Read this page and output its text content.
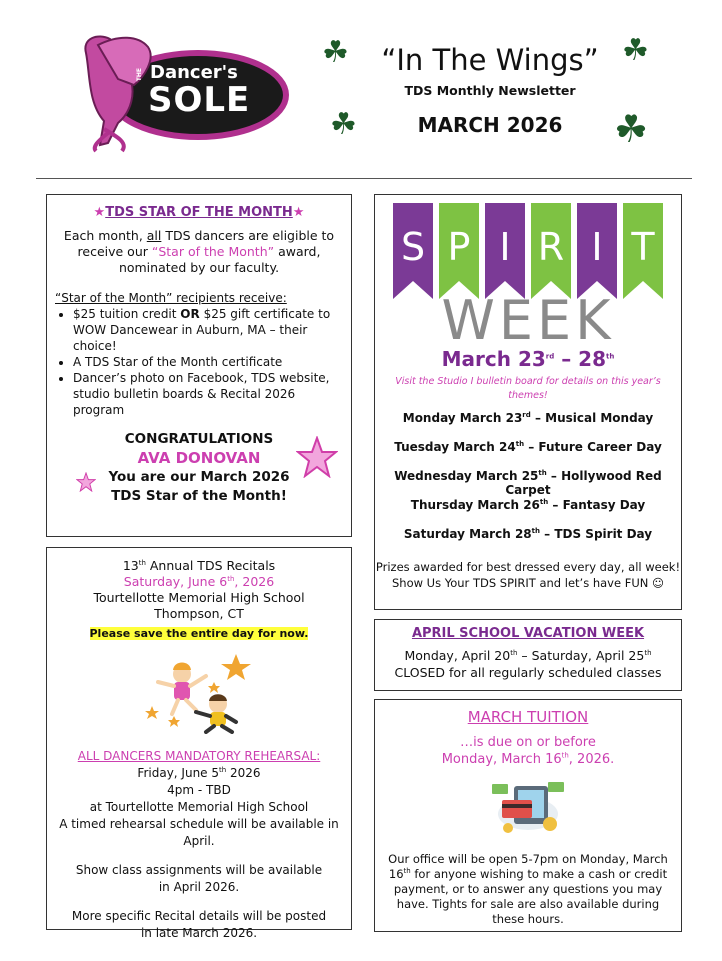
THE Dancer's
SOLE
☘	☘
☘	☘
“In The Wings”
TDS Monthly Newsletter
MARCH 2026
★TDS STAR OF THE MONTH★
Each month, all TDS dancers are eligible to receive our “Star of the Month” award, nominated by our faculty.
“Star of the Month” recipients receive:
• $25 tuition credit OR $25 gift certificate to WOW Dancewear in Auburn, MA – their choice!
• A TDS Star of the Month certificate
• Dancer’s photo on Facebook, TDS website, studio bulletin boards & Recital 2026 program
CONGRATULATIONS
AVA DONOVAN
You are our March 2026
TDS Star of the Month!
13th Annual TDS Recitals
Saturday, June 6th, 2026
Tourtellotte Memorial High School
Thompson, CT
Please save the entire day for now.
ALL DANCERS MANDATORY REHEARSAL:
Friday, June 5th 2026
4pm - TBD
at Tourtellotte Memorial High School
A timed rehearsal schedule will be available in April.
Show class assignments will be available
in April 2026.
More specific Recital details will be posted
in late March 2026.
S P I R I T
WEEK
March 23rd – 28th
Visit the Studio I bulletin board for details on this year’s themes!
Monday March 23rd – Musical Monday
Tuesday March 24th – Future Career Day
Wednesday March 25th – Hollywood Red Carpet
Thursday March 26th – Fantasy Day
Saturday March 28th – TDS Spirit Day
Prizes awarded for best dressed every day, all week!
Show Us Your TDS SPIRIT and let’s have FUN ☺
APRIL SCHOOL VACATION WEEK
Monday, April 20th – Saturday, April 25th
CLOSED for all regularly scheduled classes
MARCH TUITION
…is due on or before
Monday, March 16th, 2026.
Our office will be open 5-7pm on Monday, March 16th for anyone wishing to make a cash or credit payment, or to answer any questions you may have. Tights for sale are also available during these hours.
